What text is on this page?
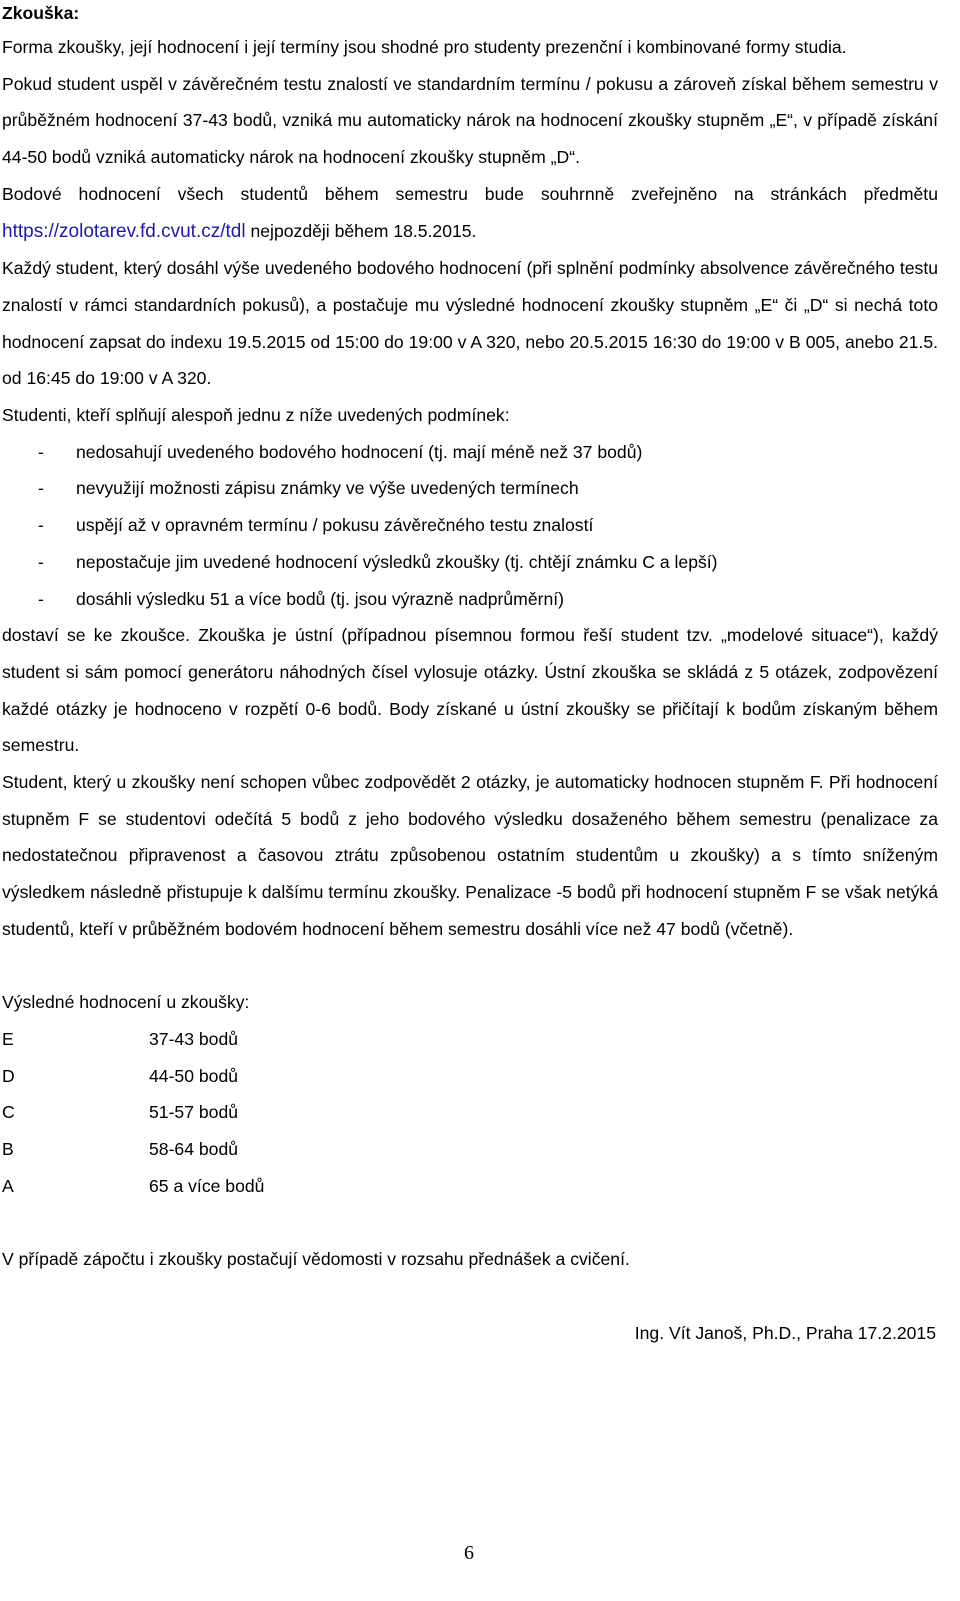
Zkouška:

Forma zkoušky, její hodnocení i její termíny jsou shodné pro studenty prezenční i kombinované formy studia.

Pokud student uspěl v závěrečném testu znalostí ve standardním termínu / pokusu a zároveň získal během semestru v průběžném hodnocení 37-43 bodů, vzniká mu automaticky nárok na hodnocení zkoušky stupněm „E“, v případě získání 44-50 bodů vzniká automaticky nárok na hodnocení zkoušky stupněm „D“.

Bodové hodnocení všech studentů během semestru bude souhrnně zveřejněno na stránkách předmětu https://zolotarev.fd.cvut.cz/tdl nejpozději během 18.5.2015.

Každý student, který dosáhl výše uvedeného bodového hodnocení (při splnění podmínky absolvence závěrečného testu znalostí v rámci standardních pokusů), a postačuje mu výsledné hodnocení zkoušky stupněm „E“ či „D“ si nechá toto hodnocení zapsat do indexu 19.5.2015 od 15:00 do 19:00 v A 320, nebo 20.5.2015 16:30 do 19:00 v B 005, anebo 21.5. od 16:45 do 19:00 v A 320.

Studenti, kteří splňují alespoň jednu z níže uvedených podmínek:

- nedosahují uvedeného bodového hodnocení (tj. mají méně než 37 bodů)
- nevyužijí možnosti zápisu známky ve výše uvedených termínech
- uspějí až v opravném termínu / pokusu závěrečného testu znalostí
- nepostačuje jim uvedené hodnocení výsledků zkoušky (tj. chtějí známku C a lepší)
- dosáhli výsledku 51 a více bodů (tj. jsou výrazně nadprůměrní)

dostaví se ke zkoušce. Zkouška je ústní (případnou písemnou formou řeší student tzv. „modelové situace“), každý student si sám pomocí generátoru náhodných čísel vylosuje otázky. Ústní zkouška se skládá z 5 otázek, zodpovězení každé otázky je hodnoceno v rozpětí 0-6 bodů. Body získané u ústní zkoušky se přičítají k bodům získaným během semestru.

Student, který u zkoušky není schopen vůbec zodpovědět 2 otázky, je automaticky hodnocen stupněm F. Při hodnocení stupněm F se studentovi odečítá 5 bodů z jeho bodového výsledku dosaženého během semestru (penalizace za nedostatečnou připravenost a časovou ztrátu způsobenou ostatním studentům u zkoušky) a s tímto sníženým výsledkem následně přistupuje k dalšímu termínu zkoušky. Penalizace -5 bodů při hodnocení stupněm F se však netýká studentů, kteří v průběžném bodovém hodnocení během semestru dosáhli více než 47 bodů (včetně).

Výsledné hodnocení u zkoušky:

E	37-43 bodů
D	44-50 bodů
C	51-57 bodů
B	58-64 bodů
A	65 a více bodů

V případě zápočtu i zkoušky postačují vědomosti v rozsahu přednášek a cvičení.

Ing. Vít Janoš, Ph.D., Praha 17.2.2015

6
